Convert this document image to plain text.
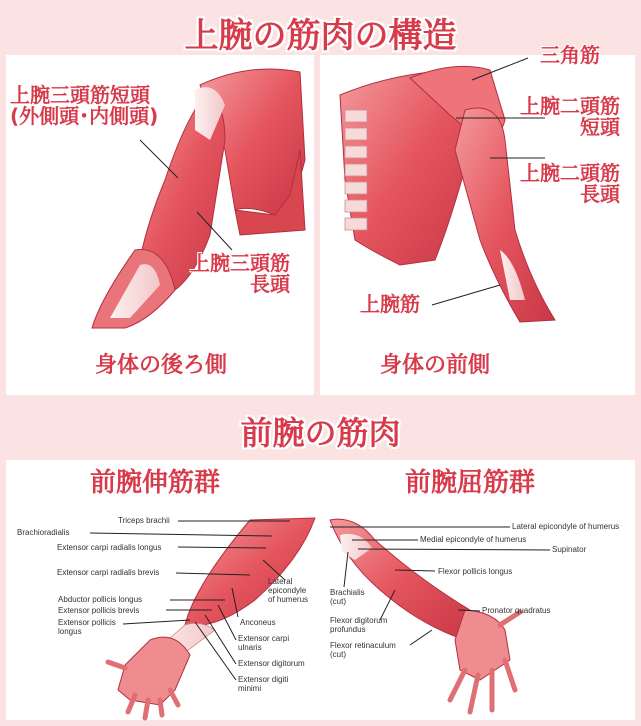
上腕の筋肉の構造
前腕の筋肉
上腕三頭筋短頭
(外側頭･内側頭)
上腕三頭筋
長頭
身体の後ろ側
三角筋
上腕二頭筋
短頭
上腕二頭筋
長頭
上腕筋
身体の前側
前腕伸筋群	前腕屈筋群
Triceps brachii
Brachioradialis
Extensor carpi radialis longus
Extensor carpi radialis brevis
Abductor pollicis longus
Extensor pollicis brevis
Extensor pollicis
longus
Lateral
epicondyle
of humerus
Anconeus
Extensor carpi
ulnaris
Extensor digitorum
Extensor digiti
minimi
Lateral epicondyle of humerus
Medial epicondyle of humerus
Supinator
Flexor pollicis longus
Brachialis
(cut)
Pronator quadratus
Flexor digitorum
profundus
Flexor retinaculum
(cut)
